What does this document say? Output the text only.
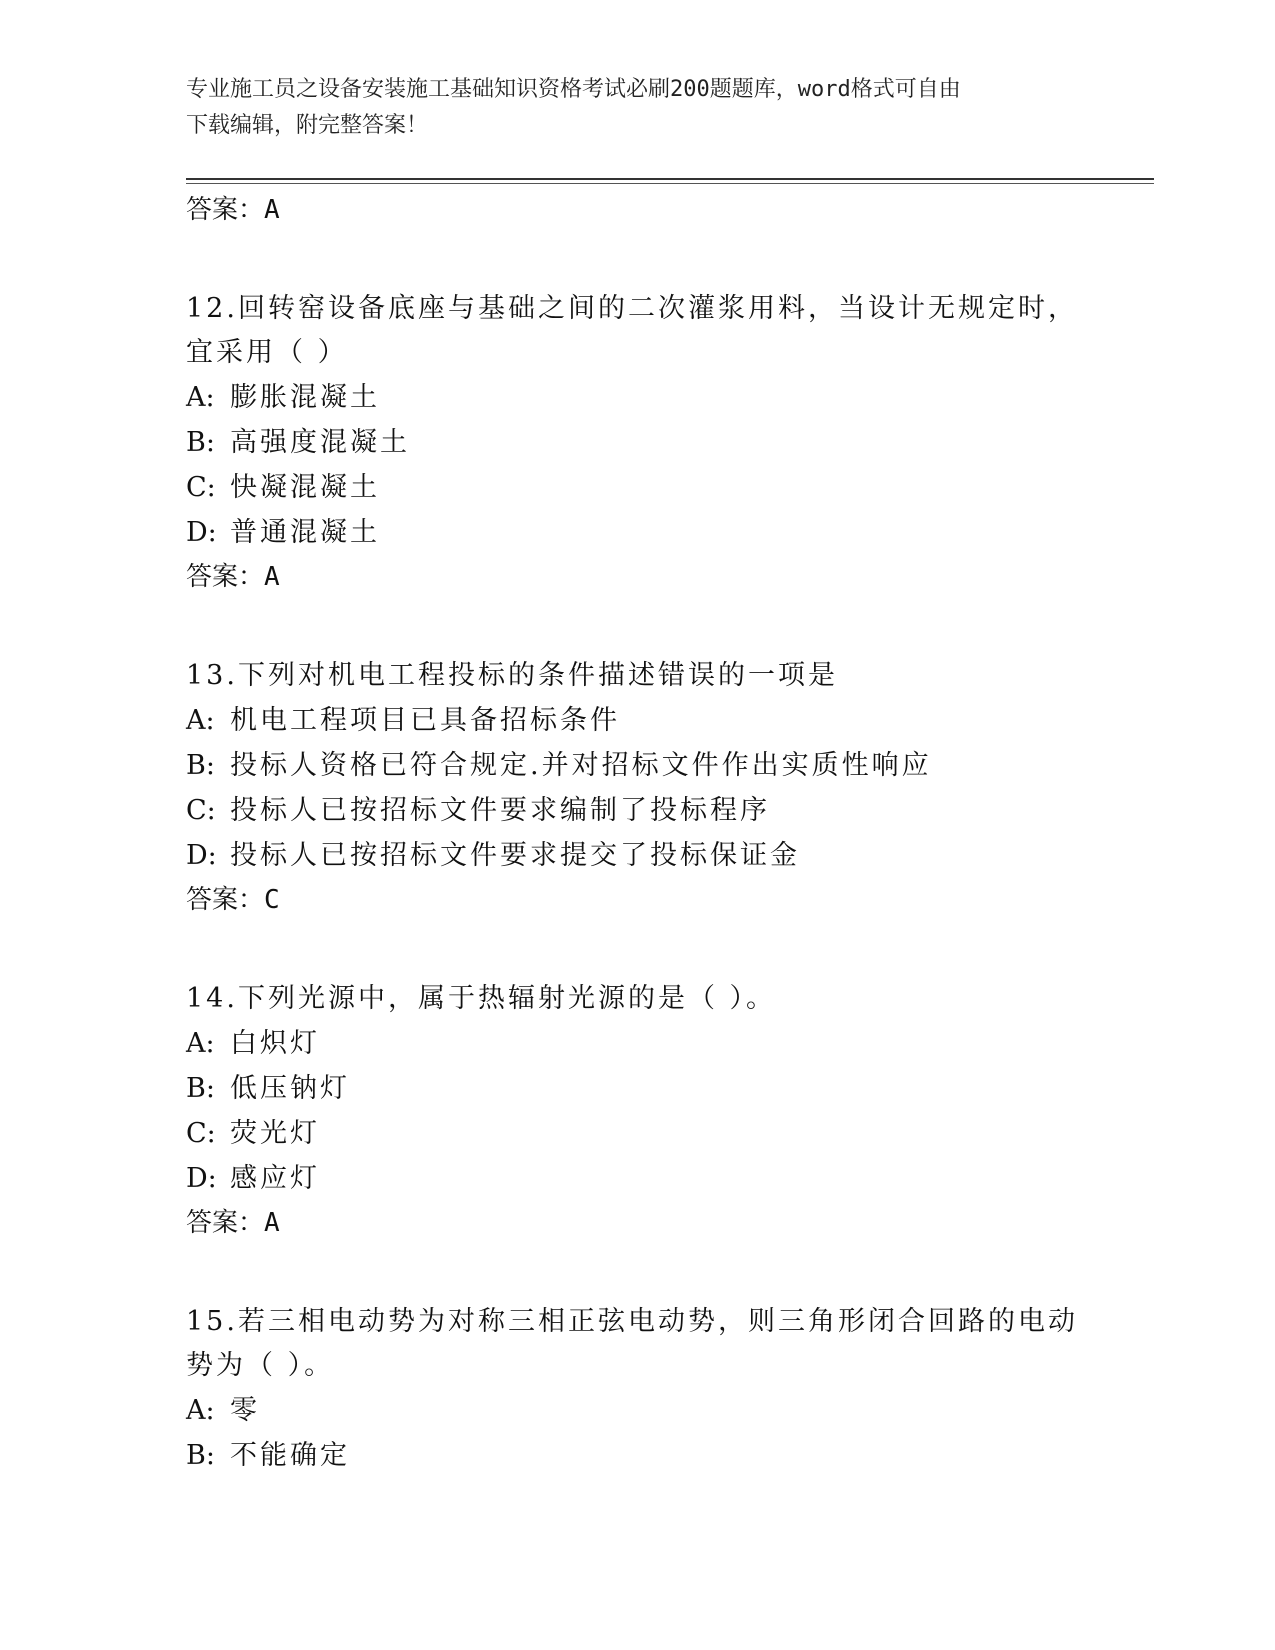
专业施工员之设备安装施工基础知识资格考试必刷200题题库，word格式可自由
下载编辑，附完整答案！
答案：A
12.回转窑设备底座与基础之间的二次灌浆用料，当设计无规定时，宜采用（ ）
A: 膨胀混凝土
B: 高强度混凝土
C: 快凝混凝土
D: 普通混凝土
答案：A
13.下列对机电工程投标的条件描述错误的一项是
A: 机电工程项目已具备招标条件
B: 投标人资格已符合规定.并对招标文件作出实质性响应
C: 投标人已按招标文件要求编制了投标程序
D: 投标人已按招标文件要求提交了投标保证金
答案：C
14.下列光源中，属于热辐射光源的是（ ）。
A: 白炽灯
B: 低压钠灯
C: 荧光灯
D: 感应灯
答案：A
15.若三相电动势为对称三相正弦电动势，则三角形闭合回路的电动势为（ ）。
A: 零
B: 不能确定
